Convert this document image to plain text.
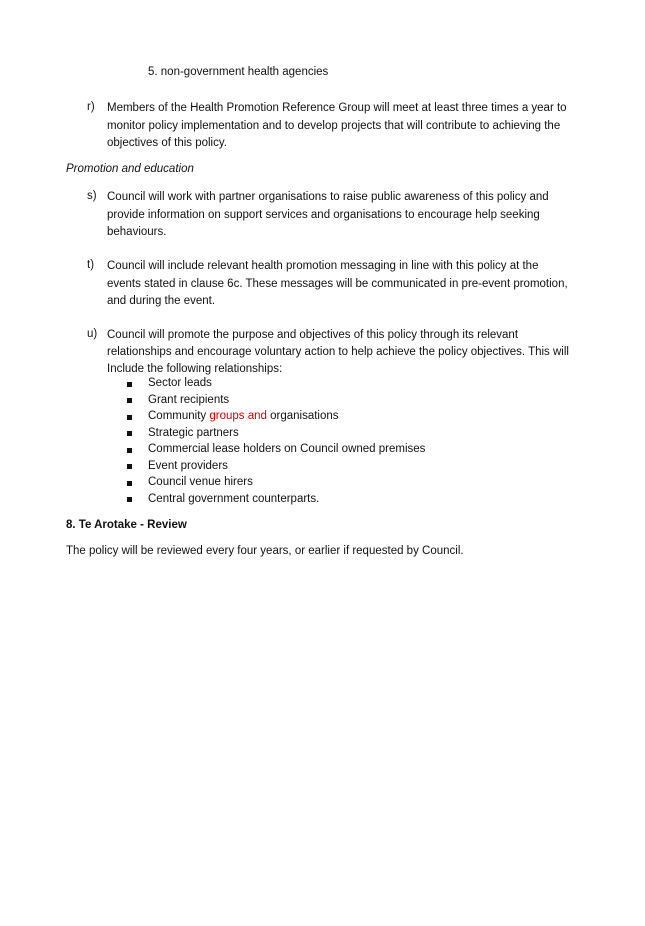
5. non-government health agencies
r) Members of the Health Promotion Reference Group will meet at least three times a year to
monitor policy implementation and to develop projects that will contribute to achieving the
objectives of this policy.
Promotion and education
s) Council will work with partner organisations to raise public awareness of this policy and
provide information on support services and organisations to encourage help seeking
behaviours.
t) Council will include relevant health promotion messaging in line with this policy at the
events stated in clause 6c. These messages will be communicated in pre-event promotion,
and during the event.
u) Council will promote the purpose and objectives of this policy through its relevant
relationships and encourage voluntary action to help achieve the policy objectives. This will
Include the following relationships:
Sector leads
Grant recipients
Community groups and organisations
Strategic partners
Commercial lease holders on Council owned premises
Event providers
Council venue hirers
Central government counterparts.
8. Te Arotake - Review
The policy will be reviewed every four years, or earlier if requested by Council.
